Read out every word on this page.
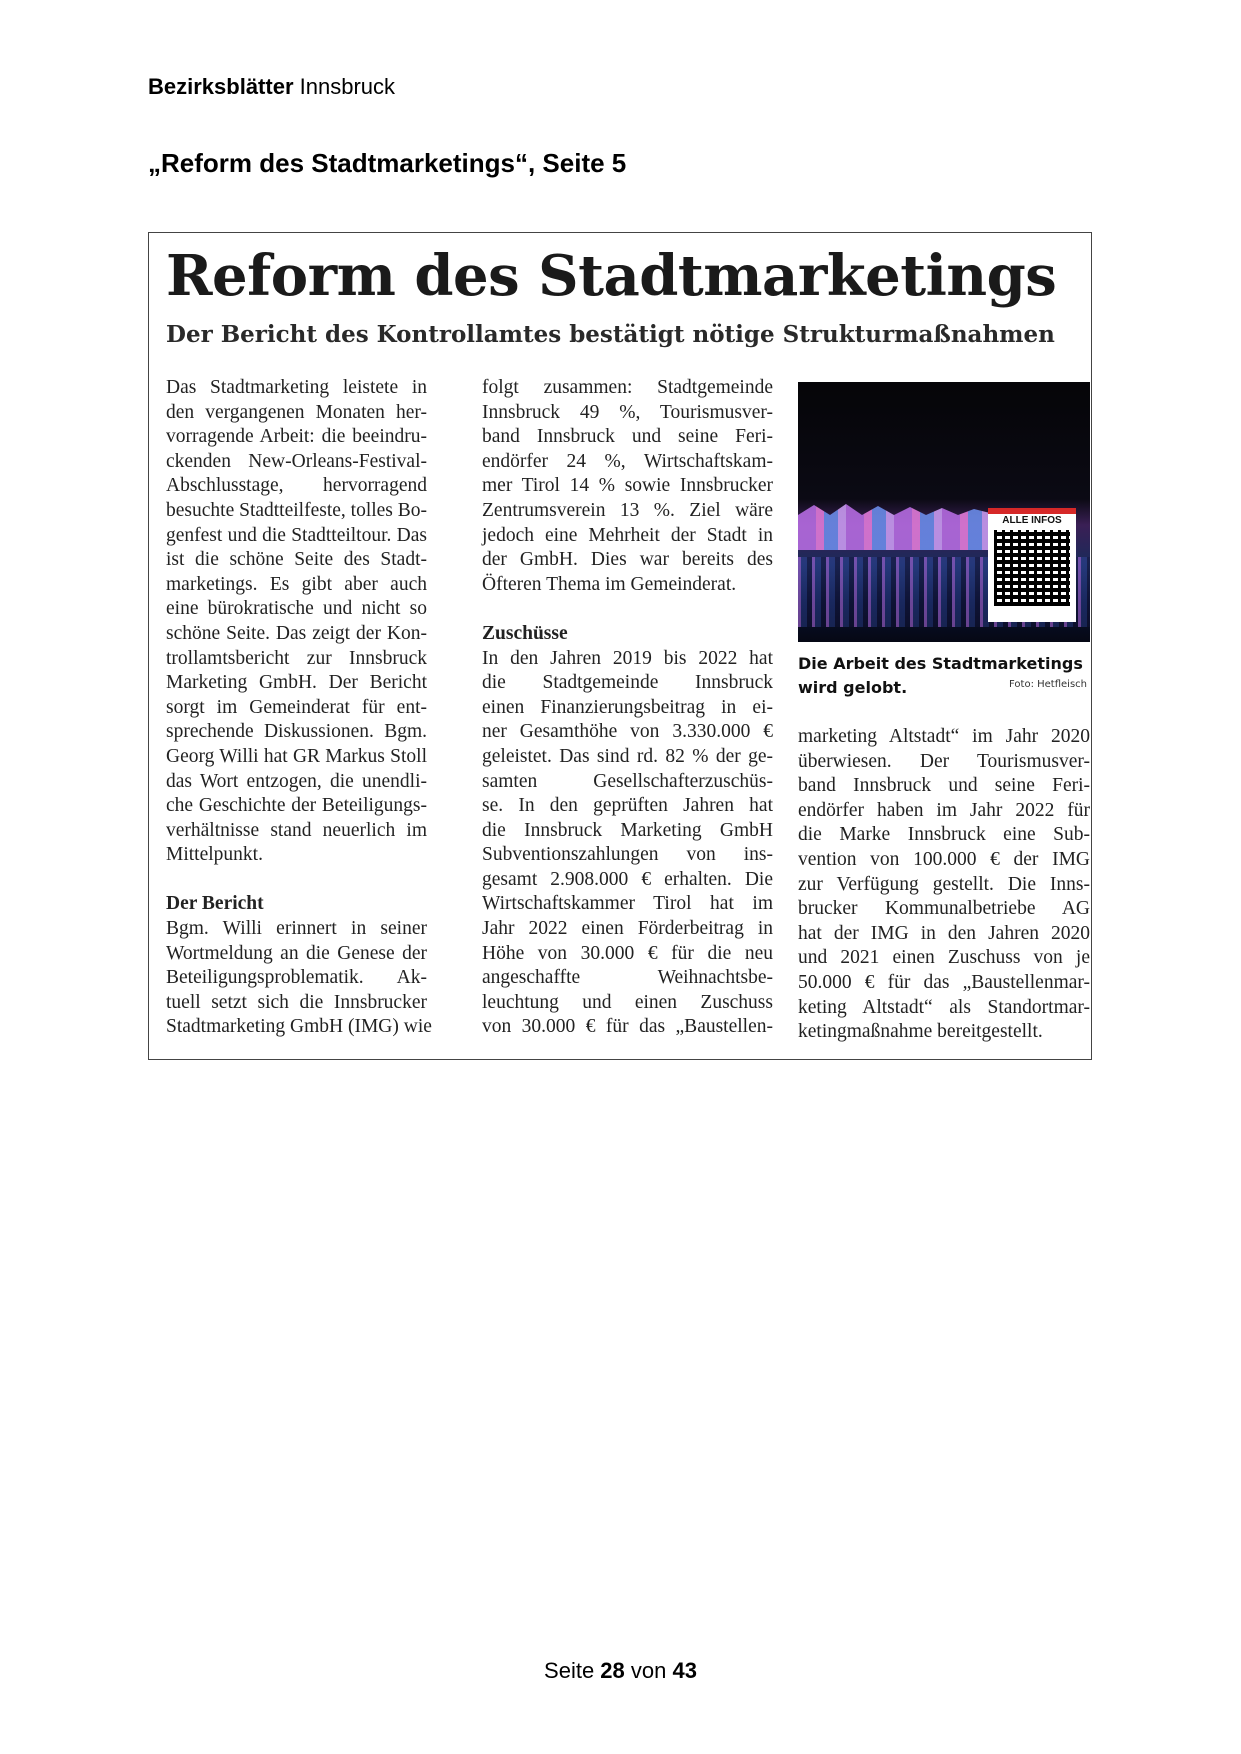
Bezirksblätter Innsbruck
„Reform des Stadtmarketings“, Seite 5
Reform des Stadtmarketings
Der Bericht des Kontrollamtes bestätigt nötige Strukturmaßnahmen
Das Stadtmarketing leistete in
den vergangenen Monaten her-
vorragende Arbeit: die beeindru-
ckenden New-Orleans-Festival-
Abschlusstage, hervorragend
besuchte Stadtteilfeste, tolles Bo-
genfest und die Stadtteiltour. Das
ist die schöne Seite des Stadt-
marketings. Es gibt aber auch
eine bürokratische und nicht so
schöne Seite. Das zeigt der Kon-
trollamtsbericht zur Innsbruck
Marketing GmbH. Der Bericht
sorgt im Gemeinderat für ent-
sprechende Diskussionen. Bgm.
Georg Willi hat GR Markus Stoll
das Wort entzogen, die unendli-
che Geschichte der Beteiligungs-
verhältnisse stand neuerlich im
Mittelpunkt.
Der Bericht
Bgm. Willi erinnert in seiner
Wortmeldung an die Genese der
Beteiligungsproblematik. Ak-
tuell setzt sich die Innsbrucker
Stadtmarketing GmbH (IMG) wie
folgt zusammen: Stadtgemeinde
Innsbruck 49 %, Tourismusver-
band Innsbruck und seine Feri-
endörfer 24 %, Wirtschaftskam-
mer Tirol 14 % sowie Innsbrucker
Zentrumsverein 13 %. Ziel wäre
jedoch eine Mehrheit der Stadt in
der GmbH. Dies war bereits des
Öfteren Thema im Gemeinderat.
Zuschüsse
In den Jahren 2019 bis 2022 hat
die Stadtgemeinde Innsbruck
einen Finanzierungsbeitrag in ei-
ner Gesamthöhe von 3.330.000 €
geleistet. Das sind rd. 82 % der ge-
samten Gesellschafterzuschüs-
se. In den geprüften Jahren hat
die Innsbruck Marketing GmbH
Subventionszahlungen von ins-
gesamt 2.908.000 € erhalten. Die
Wirtschaftskammer Tirol hat im
Jahr 2022 einen Förderbeitrag in
Höhe von 30.000 € für die neu
angeschaffte Weihnachtsbe-
leuchtung und einen Zuschuss
von 30.000 € für das „Baustellen-
marketing Altstadt“ im Jahr 2020
überwiesen. Der Tourismusver-
band Innsbruck und seine Feri-
endörfer haben im Jahr 2022 für
die Marke Innsbruck eine Sub-
vention von 100.000 € der IMG
zur Verfügung gestellt. Die Inns-
brucker Kommunalbetriebe AG
hat der IMG in den Jahren 2020
und 2021 einen Zuschuss von je
50.000 € für das „Baustellenmar-
keting Altstadt“ als Standortmar-
ketingmaßnahme bereitgestellt.
ALLE INFOS
Die Arbeit des Stadtmarketings
wird gelobt.	Foto: Hetfleisch
Seite 28 von 43
